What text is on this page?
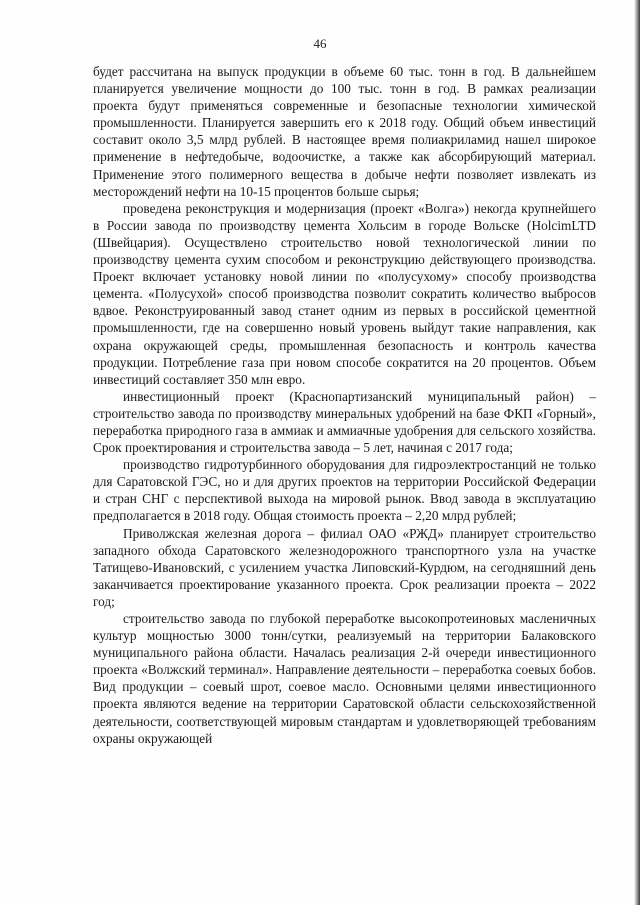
46

будет рассчитана на выпуск продукции в объеме 60 тыс. тонн в год. В дальнейшем планируется увеличение мощности до 100 тыс. тонн в год. В рамках реализации проекта будут применяться современные и безопасные технологии химической промышленности. Планируется завершить его к 2018 году. Общий объем инвестиций составит около 3,5 млрд рублей. В настоящее время полиакриламид нашел широкое применение в нефтедобыче, водоочистке, а также как абсорбирующий материал. Применение этого полимерного вещества в добыче нефти позволяет извлекать из месторождений нефти на 10-15 процентов больше сырья;

проведена реконструкция и модернизация (проект «Волга») некогда крупнейшего в России завода по производству цемента Хольсим в городе Вольске (HolcimLTD (Швейцария). Осуществлено строительство новой технологической линии по производству цемента сухим способом и реконструкцию действующего производства. Проект включает установку новой линии по «полусухому» способу производства цемента. «Полусухой» способ производства позволит сократить количество выбросов вдвое. Реконструированный завод станет одним из первых в российской цементной промышленности, где на совершенно новый уровень выйдут такие направления, как охрана окружающей среды, промышленная безопасность и контроль качества продукции. Потребление газа при новом способе сократится на 20 процентов. Объем инвестиций составляет 350 млн евро.

инвестиционный проект (Краснопартизанский муниципальный район) – строительство завода по производству минеральных удобрений на базе ФКП «Горный», переработка природного газа в аммиак и аммиачные удобрения для сельского хозяйства. Срок проектирования и строительства завода – 5 лет, начиная с 2017 года;

производство гидротурбинного оборудования для гидроэлектростанций не только для Саратовской ГЭС, но и для других проектов на территории Российской Федерации и стран СНГ с перспективой выхода на мировой рынок. Ввод завода в эксплуатацию предполагается в 2018 году. Общая стоимость проекта – 2,20 млрд рублей;

Приволжская железная дорога – филиал ОАО «РЖД» планирует строительство западного обхода Саратовского железнодорожного транспортного узла на участке Татищево-Ивановский, с усилением участка Липовский-Курдюм, на сегодняшний день заканчивается проектирование указанного проекта. Срок реализации проекта – 2022 год;

строительство завода по глубокой переработке высокопротеиновых масленичных культур мощностью 3000 тонн/сутки, реализуемый на территории Балаковского муниципального района области. Началась реализация 2-й очереди инвестиционного проекта «Волжский терминал». Направление деятельности – переработка соевых бобов. Вид продукции – соевый шрот, соевое масло. Основными целями инвестиционного проекта являются ведение на территории Саратовской области сельскохозяйственной деятельности, соответствующей мировым стандартам и удовлетворяющей требованиям охраны окружающей
